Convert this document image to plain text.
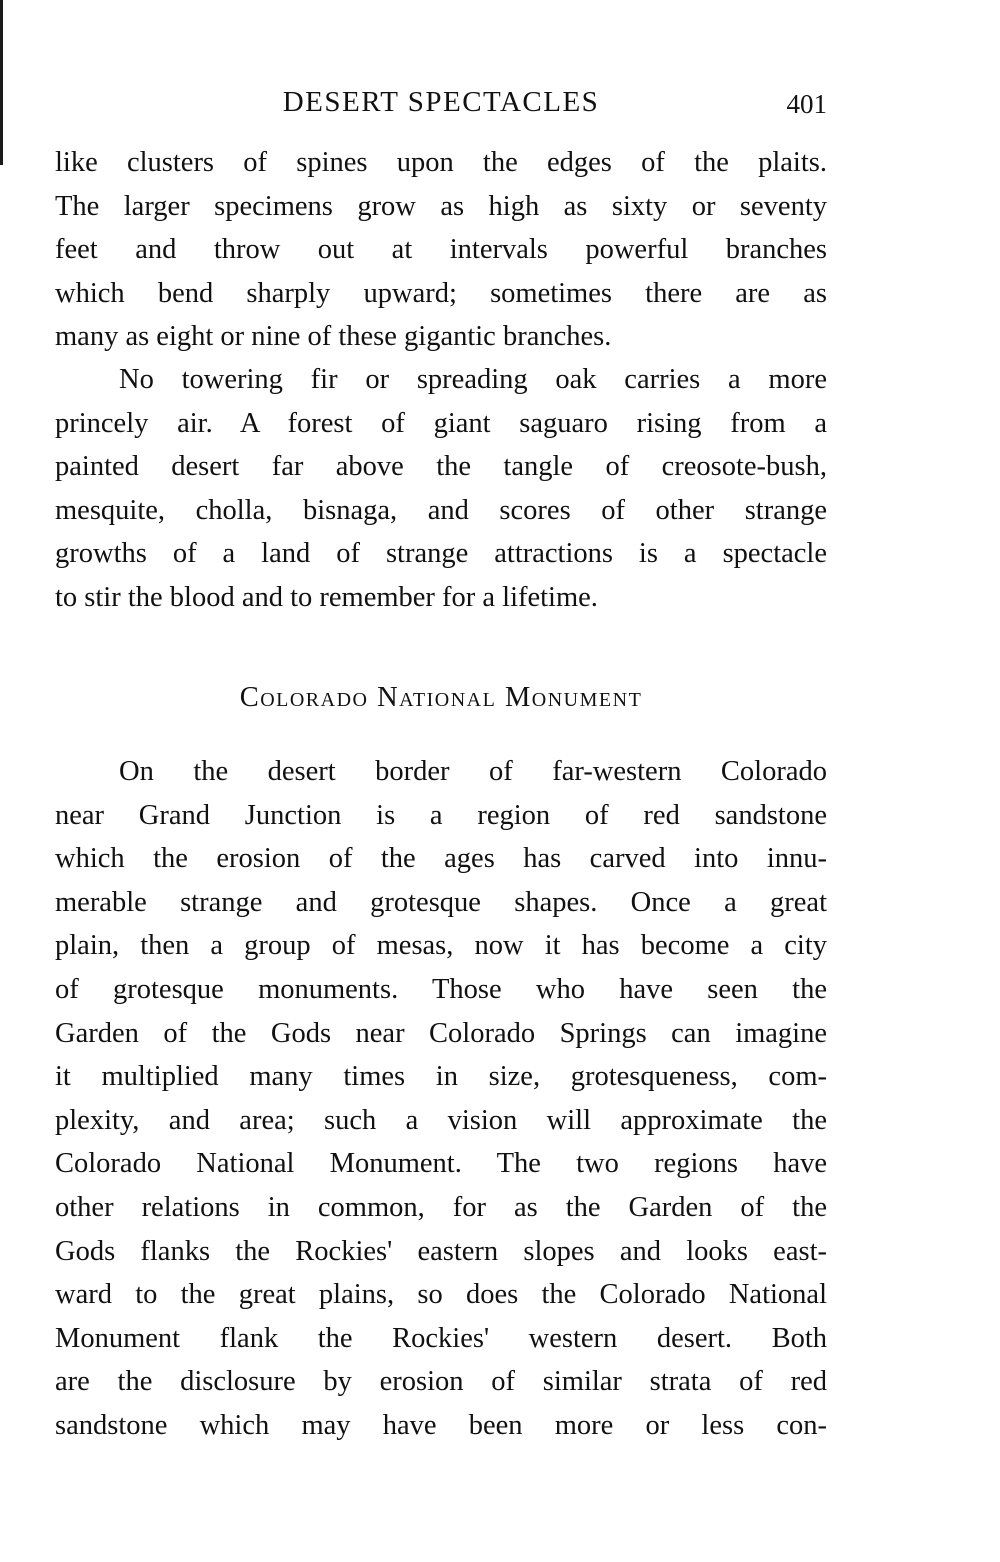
DESERT SPECTACLES	401
like clusters of spines upon the edges of the plaits.
The larger specimens grow as high as sixty or seventy
feet and throw out at intervals powerful branches
which bend sharply upward; sometimes there are as
many as eight or nine of these gigantic branches.
No towering fir or spreading oak carries a more
princely air. A forest of giant saguaro rising from a
painted desert far above the tangle of creosote-bush,
mesquite, cholla, bisnaga, and scores of other strange
growths of a land of strange attractions is a spectacle
to stir the blood and to remember for a lifetime.
Colorado National Monument
On the desert border of far-western Colorado
near Grand Junction is a region of red sandstone
which the erosion of the ages has carved into innu-
merable strange and grotesque shapes. Once a great
plain, then a group of mesas, now it has become a city
of grotesque monuments. Those who have seen the
Garden of the Gods near Colorado Springs can imagine
it multiplied many times in size, grotesqueness, com-
plexity, and area; such a vision will approximate the
Colorado National Monument. The two regions have
other relations in common, for as the Garden of the
Gods flanks the Rockies' eastern slopes and looks east-
ward to the great plains, so does the Colorado National
Monument flank the Rockies' western desert. Both
are the disclosure by erosion of similar strata of red
sandstone which may have been more or less con-
